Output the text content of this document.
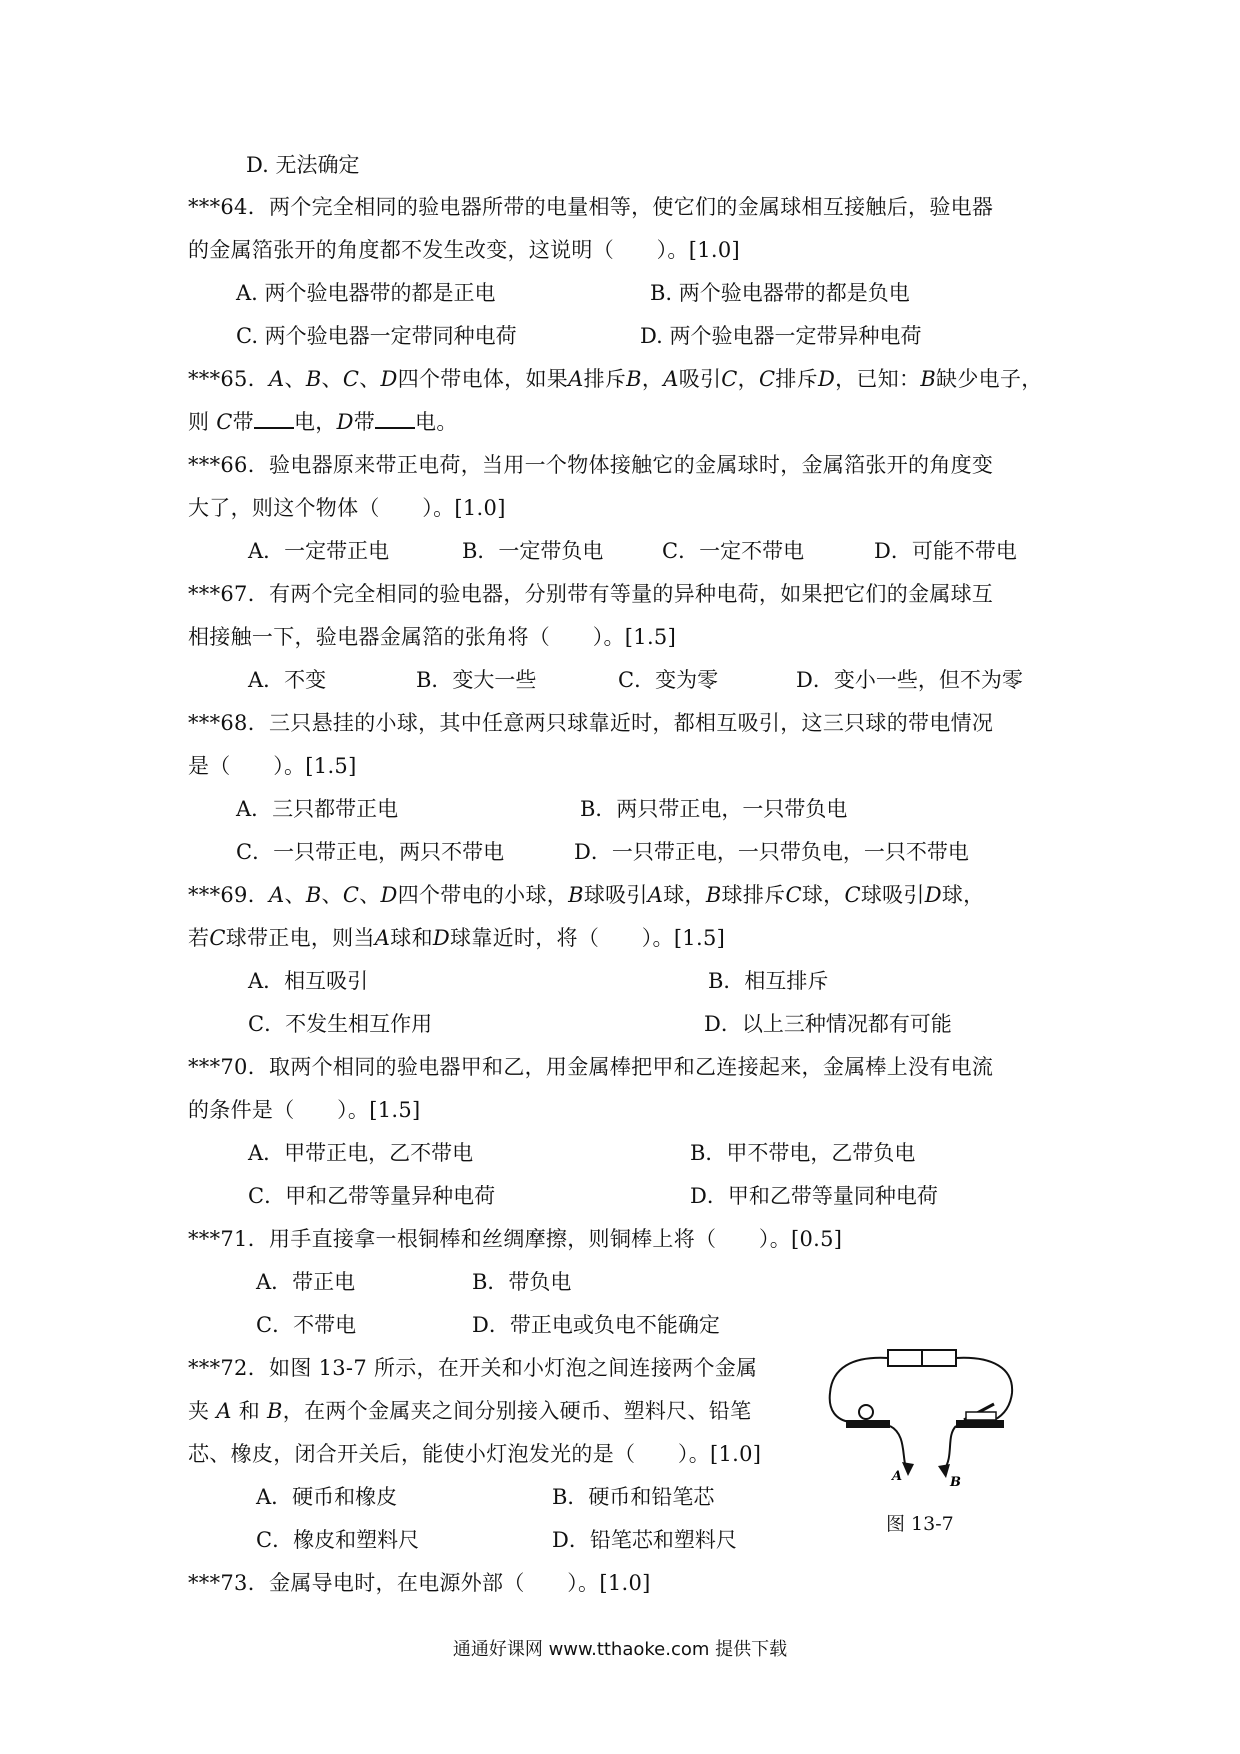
D. 无法确定
***64．两个完全相同的验电器所带的电量相等，使它们的金属球相互接触后，验电器
的金属箔张开的角度都不发生改变，这说明（　　）。[1.0]
A. 两个验电器带的都是正电	B. 两个验电器带的都是负电
C. 两个验电器一定带同种电荷	D. 两个验电器一定带异种电荷
***65．A、B、C、D四个带电体，如果A排斥B，A吸引C，C排斥D，已知：B缺少电子，
则 C带 电，D带 电。
***66．验电器原来带正电荷，当用一个物体接触它的金属球时，金属箔张开的角度变
大了，则这个物体（　　）。[1.0]
A．一定带正电	B．一定带负电	C．一定不带电	D．可能不带电
***67．有两个完全相同的验电器，分别带有等量的异种电荷，如果把它们的金属球互
相接触一下，验电器金属箔的张角将（　　）。[1.5]
A．不变	B．变大一些	C．变为零	D．变小一些，但不为零
***68．三只悬挂的小球，其中任意两只球靠近时，都相互吸引，这三只球的带电情况
是（　　）。[1.5]
A．三只都带正电	B．两只带正电，一只带负电
C．一只带正电，两只不带电	D．一只带正电，一只带负电，一只不带电
***69．A、B、C、D四个带电的小球，B球吸引A球，B球排斥C球，C球吸引D球，
若C球带正电，则当A球和D球靠近时，将（　　）。[1.5]
A．相互吸引	B．相互排斥
C．不发生相互作用	D．以上三种情况都有可能
***70．取两个相同的验电器甲和乙，用金属棒把甲和乙连接起来，金属棒上没有电流
的条件是（　　）。[1.5]
A．甲带正电，乙不带电	B．甲不带电，乙带负电
C．甲和乙带等量异种电荷	D．甲和乙带等量同种电荷
***71．用手直接拿一根铜棒和丝绸摩擦，则铜棒上将（　　）。[0.5]
A．带正电	B．带负电
C．不带电	D．带正电或负电不能确定
***72．如图 13-7 所示，在开关和小灯泡之间连接两个金属
夹 A 和 B，在两个金属夹之间分别接入硬币、塑料尺、铅笔
芯、橡皮，闭合开关后，能使小灯泡发光的是（　　）。[1.0]
A．硬币和橡皮	B．硬币和铅笔芯
C．橡皮和塑料尺	D．铅笔芯和塑料尺
A	B
图 13-7
***73．金属导电时，在电源外部（　　）。[1.0]
通通好课网 www.tthaoke.com 提供下载
